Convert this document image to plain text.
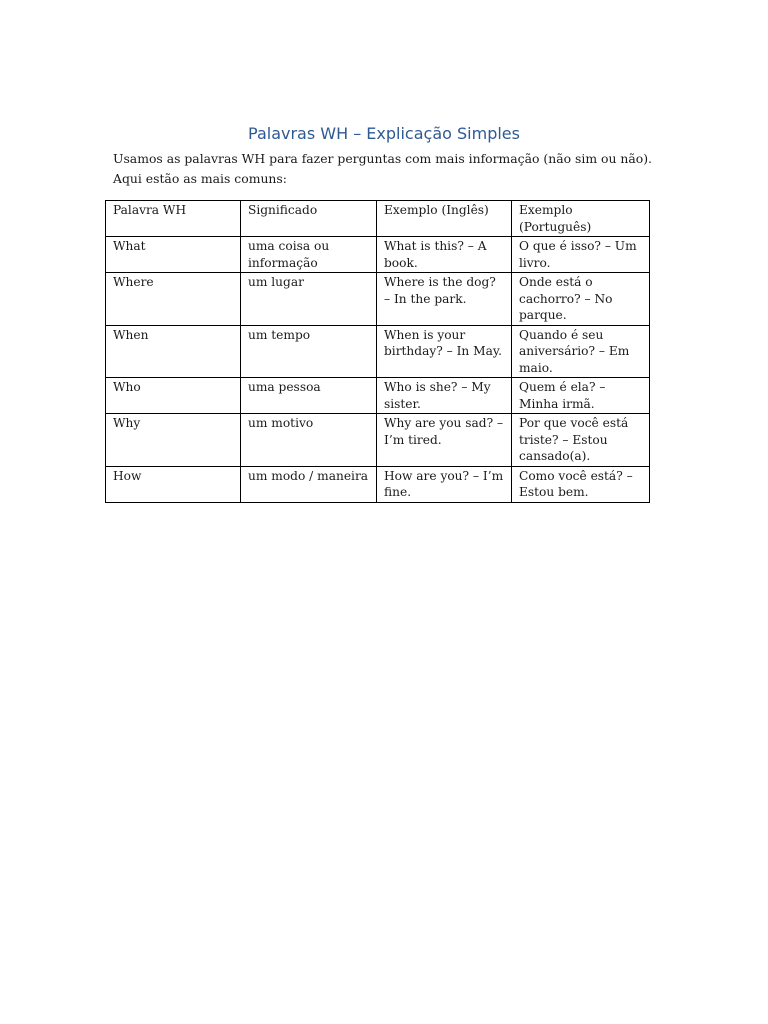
Palavras WH – Explicação Simples
Usamos as palavras WH para fazer perguntas com mais informação (não sim ou não). Aqui estão as mais comuns:
Palavra WH	Significado	Exemplo (Inglês)	Exemplo (Português)
What	uma coisa ou informação	What is this? – A book.	O que é isso? – Um livro.
Where	um lugar	Where is the dog? – In the park.	Onde está o cachorro? – No parque.
When	um tempo	When is your birthday? – In May.	Quando é seu aniversário? – Em maio.
Who	uma pessoa	Who is she? – My sister.	Quem é ela? – Minha irmã.
Why	um motivo	Why are you sad? – I’m tired.	Por que você está triste? – Estou cansado(a).
How	um modo / maneira	How are you? – I’m fine.	Como você está? – Estou bem.
